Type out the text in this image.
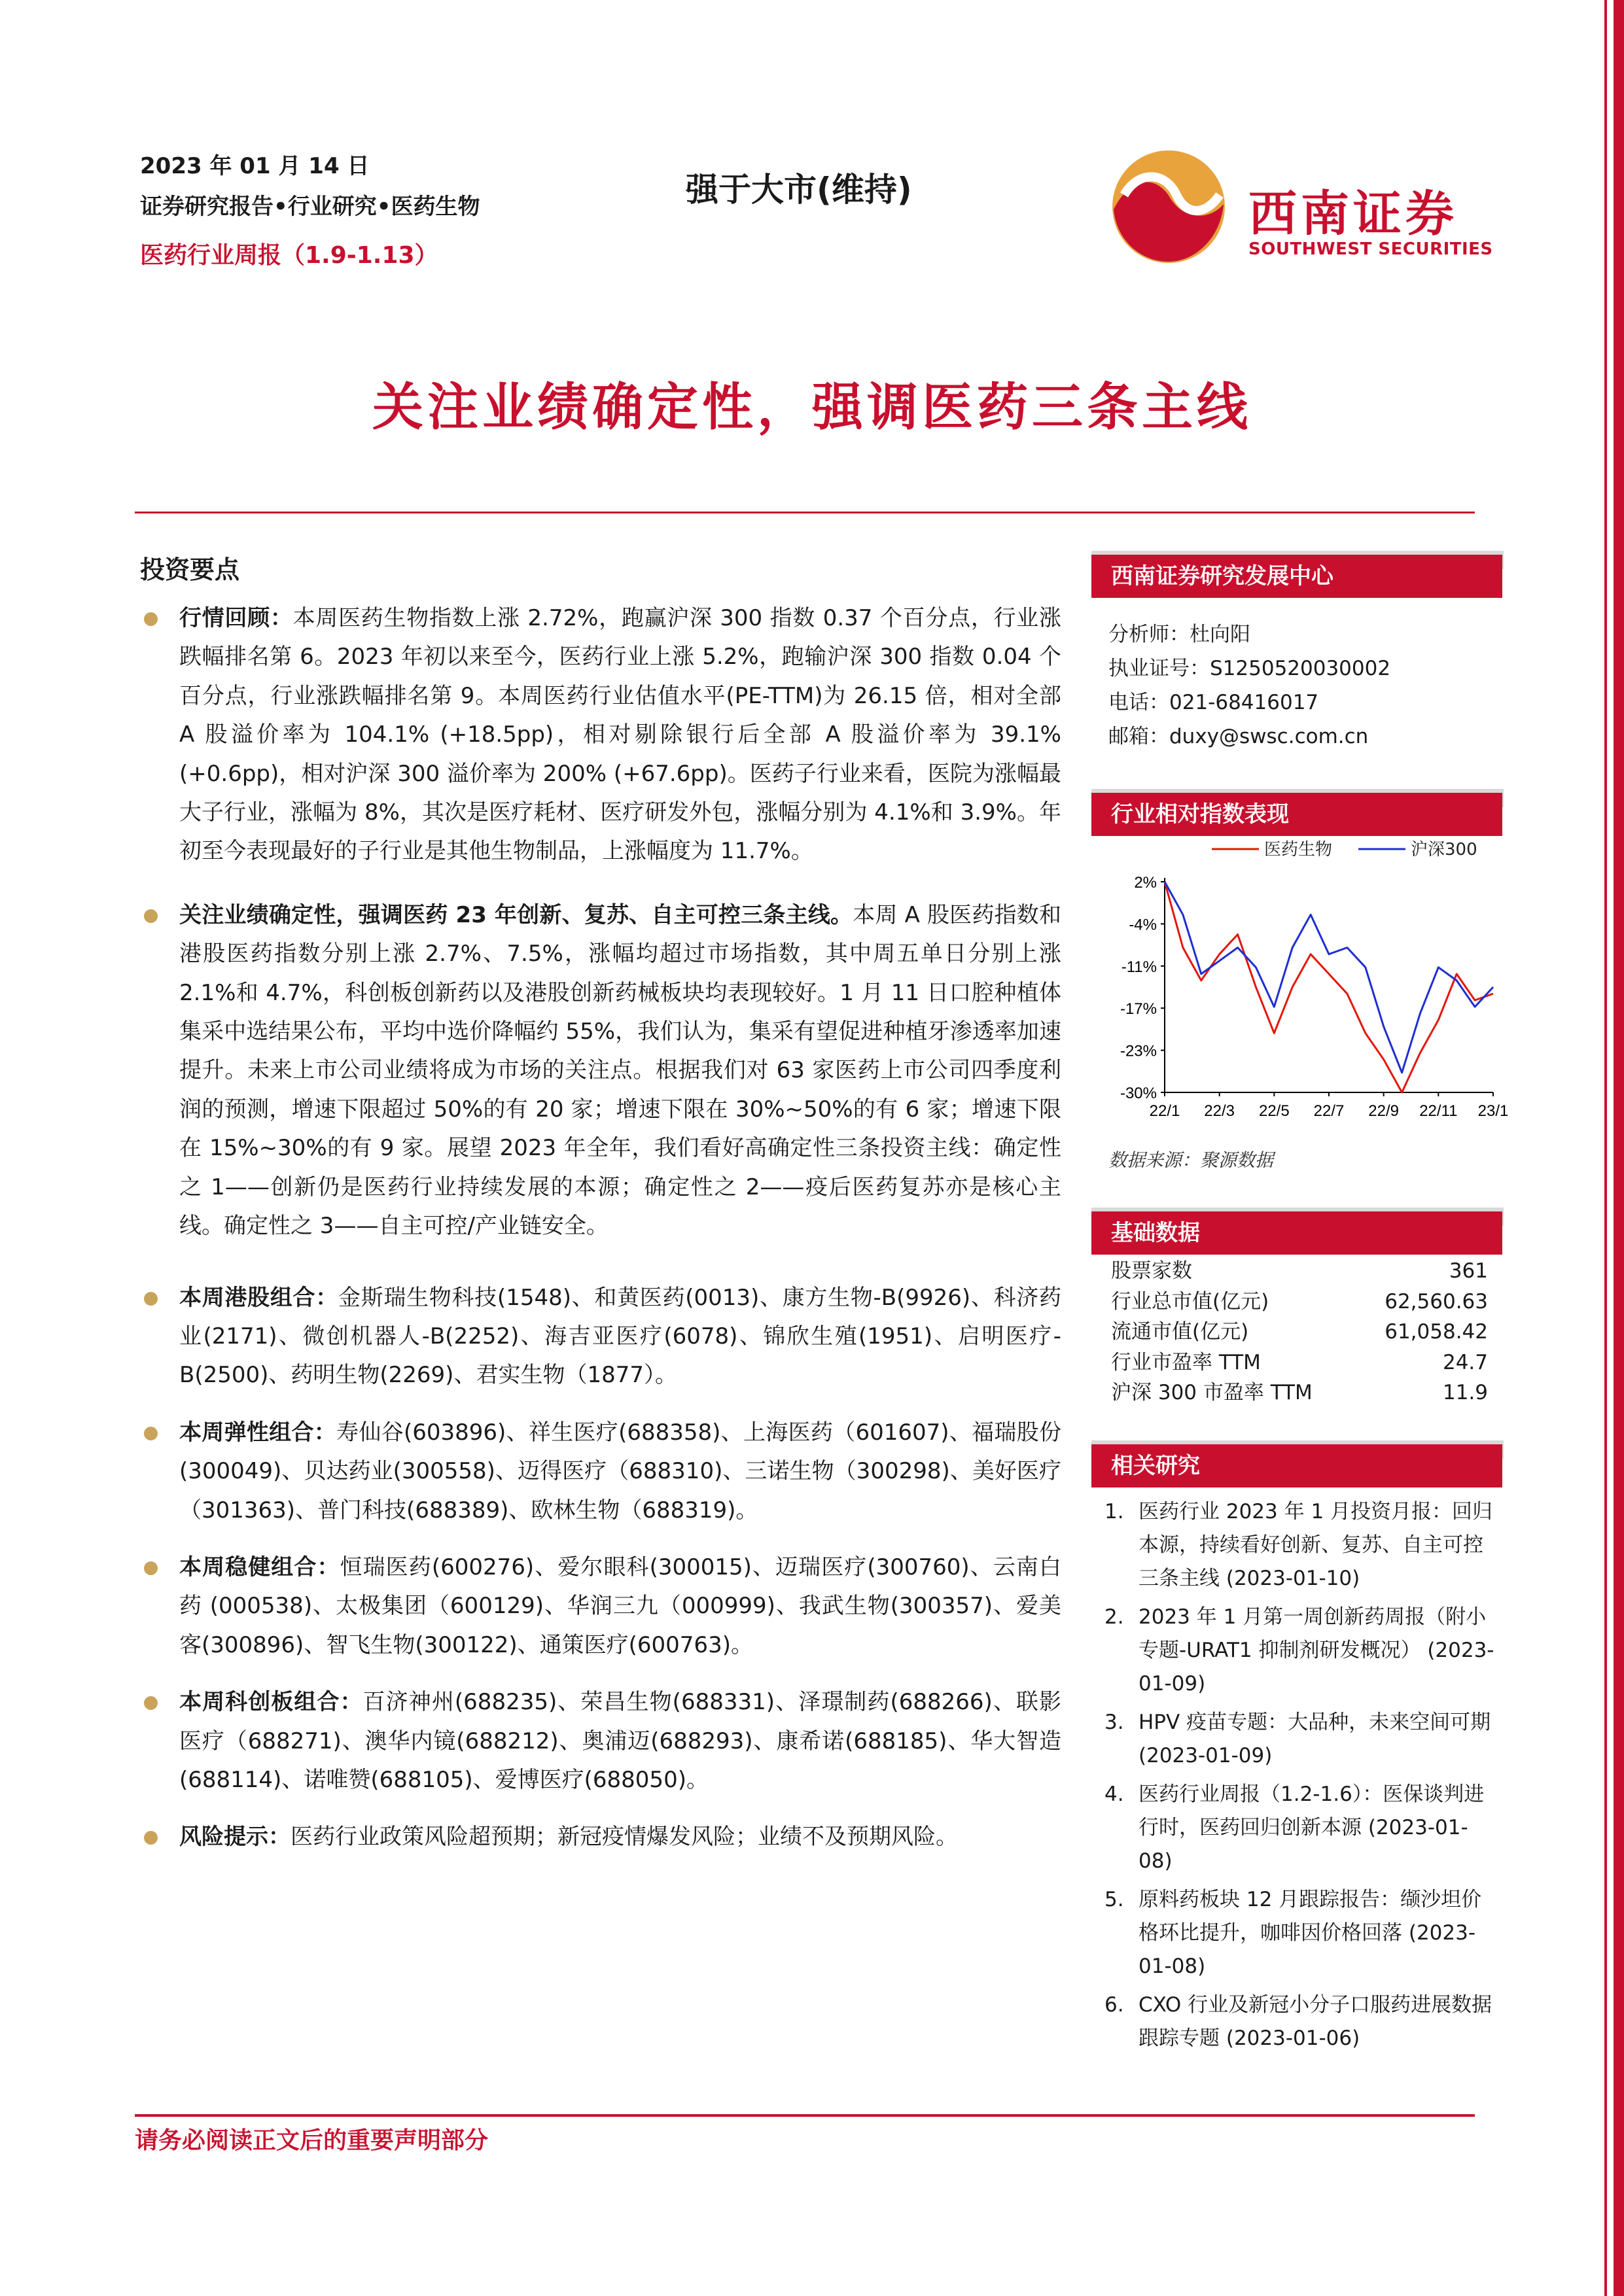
2023 年 01 月 14 日
证券研究报告•行业研究•医药生物
医药行业周报（1.9-1.13）
强于大市(维持)	西南证券
SOUTHWEST SECURITIES
关注业绩确定性，强调医药三条主线
投资要点
行情回顾：本周医药生物指数上涨 2.72%，跑赢沪深 300 指数 0.37 个百分点，行业涨跌幅排名第 6。2023 年初以来至今，医药行业上涨 5.2%，跑输沪深 300 指数 0.04 个百分点，行业涨跌幅排名第 9。本周医药行业估值水平(PE-TTM)为 26.15 倍，相对全部 A 股溢价率为 104.1% (+18.5pp)，相对剔除银行后全部 A 股溢价率为 39.1% (+0.6pp)，相对沪深 300 溢价率为 200% (+67.6pp)。医药子行业来看，医院为涨幅最大子行业，涨幅为 8%，其次是医疗耗材、医疗研发外包，涨幅分别为 4.1%和 3.9%。年初至今表现最好的子行业是其他生物制品，上涨幅度为 11.7%。
关注业绩确定性，强调医药 23 年创新、复苏、自主可控三条主线。本周 A 股医药指数和港股医药指数分别上涨 2.7%、7.5%，涨幅均超过市场指数，其中周五单日分别上涨 2.1%和 4.7%，科创板创新药以及港股创新药械板块均表现较好。1 月 11 日口腔种植体集采中选结果公布，平均中选价降幅约 55%，我们认为，集采有望促进种植牙渗透率加速提升。未来上市公司业绩将成为市场的关注点。根据我们对 63 家医药上市公司四季度利润的预测，增速下限超过 50%的有 20 家；增速下限在 30%~50%的有 6 家；增速下限在 15%~30%的有 9 家。展望 2023 年全年，我们看好高确定性三条投资主线：确定性之 1——创新仍是医药行业持续发展的本源；确定性之 2——疫后医药复苏亦是核心主线。确定性之 3——自主可控/产业链安全。
本周港股组合：金斯瑞生物科技(1548)、和黄医药(0013)、康方生物-B(9926)、科济药业(2171)、微创机器人-B(2252)、海吉亚医疗(6078)、锦欣生殖(1951)、启明医疗-B(2500)、药明生物(2269)、君实生物（1877）。
本周弹性组合：寿仙谷(603896)、祥生医疗(688358)、上海医药（601607)、福瑞股份(300049)、贝达药业(300558)、迈得医疗（688310)、三诺生物（300298)、美好医疗（301363)、普门科技(688389)、欧林生物（688319)。
本周稳健组合：恒瑞医药(600276)、爱尔眼科(300015)、迈瑞医疗(300760)、云南白药 (000538)、太极集团（600129)、华润三九（000999)、我武生物(300357)、爱美客(300896)、智飞生物(300122)、通策医疗(600763)。
本周科创板组合：百济神州(688235)、荣昌生物(688331)、泽璟制药(688266)、联影医疗（688271)、澳华内镜(688212)、奥浦迈(688293)、康希诺(688185)、华大智造(688114)、诺唯赞(688105)、爱博医疗(688050)。
风险提示：医药行业政策风险超预期；新冠疫情爆发风险；业绩不及预期风险。
西南证券研究发展中心
分析师：杜向阳
执业证号：S1250520030002
电话：021-68416017
邮箱：duxy@swsc.com.cn
行业相对指数表现
2%
-4%
-11%
-17%
-23%
-30%
22/1 22/3 22/5 22/7 22/9 22/11 23/1
医药生物	沪深300
数据来源：聚源数据
基础数据
股票家数	361
行业总市值(亿元)	62,560.63
流通市值(亿元)	61,058.42
行业市盈率 TTM	24.7
沪深 300 市盈率 TTM	11.9
相关研究
1. 医药行业 2023 年 1 月投资月报：回归本源，持续看好创新、复苏、自主可控三条主线 (2023-01-10)
2. 2023 年 1 月第一周创新药周报（附小专题-URAT1 抑制剂研发概况） (2023-01-09)
3. HPV 疫苗专题：大品种，未来空间可期 (2023-01-09)
4. 医药行业周报（1.2-1.6）：医保谈判进行时，医药回归创新本源 (2023-01-08)
5. 原料药板块 12 月跟踪报告：缬沙坦价格环比提升，咖啡因价格回落 (2023-01-08)
6. CXO 行业及新冠小分子口服药进展数据跟踪专题 (2023-01-06)
请务必阅读正文后的重要声明部分
